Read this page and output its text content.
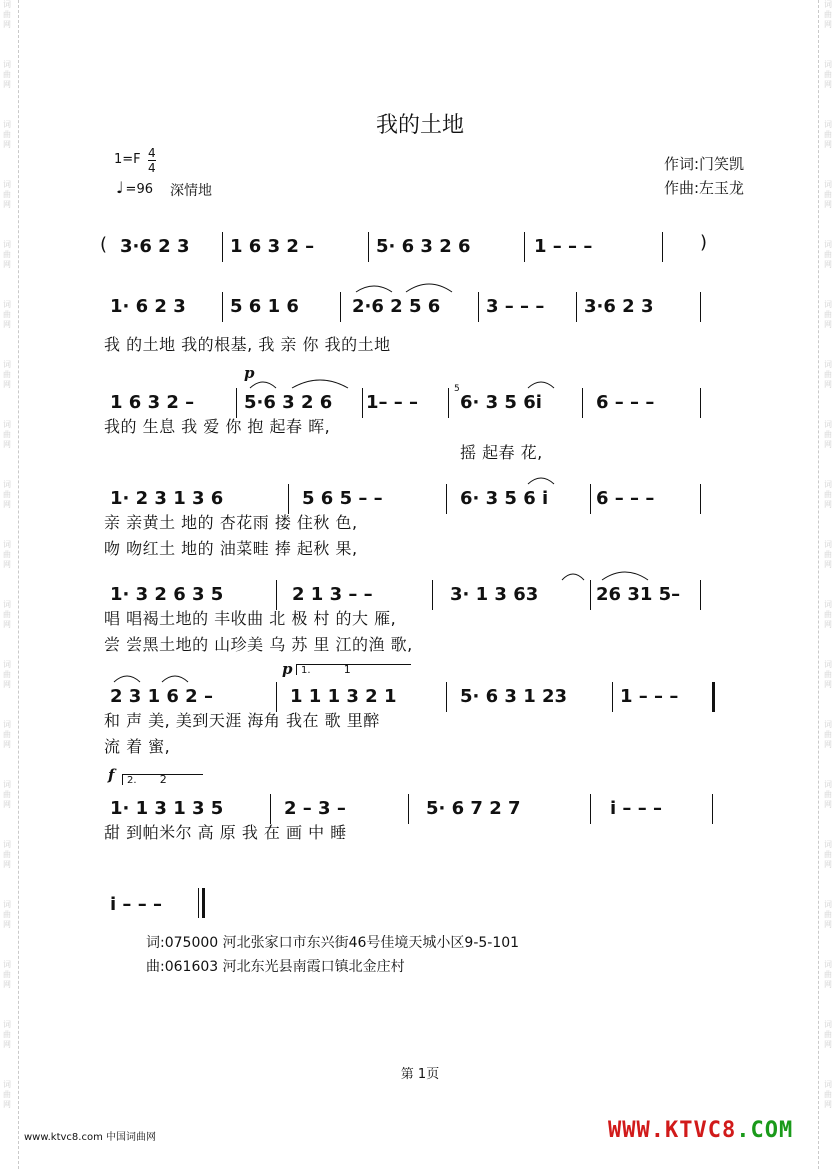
词
曲
网
词
曲
网
词
曲
网
词
曲
网
词
曲
网
词
曲
网
词
曲
网
词
曲
网
词
曲
网
词
曲
网
词
曲
网
词
曲
网
词
曲
网
词
曲
网
词
曲
网
词
曲
网
词
曲
网
词
曲
网
词
曲
网
词
曲
网
词
曲
网
词
曲
网
词
曲
网
词
曲
网
词
曲
网
词
曲
网
词
曲
网
词
曲
网
词
曲
网
词
曲
网
词
曲
网
词
曲
网
词
曲
网
词
曲
网
词
曲
网
词
曲
网
词
曲
网
词
曲
网
我的土地
$1=F \frac{4}{4}$
♩ =96 深情地
作词:门笑凯
作曲:左玉龙
( 3·6 2 3 1 6 3 2 –	5· 6 3 2 6	1 – – –	)
1· 6 2 3 5 6 1 6	2·6 2 5 6	3 – – – 3·6 2 3
我 的土地 我的根基, 我 亲 你 我的土地
1 6 3 2 –
p
5·6 3 2 6 1– – –
5
6· 3 5 6i	6 – – –
我的 生息 我 爱 你 抱 起春 晖,
摇 起春 花,
1· 2 3 1 3 6	5 6 5 – –	6· 3 5 6 i	6 – – –
亲 亲黄土 地的 杏花雨 搂 住秋 色,
吻 吻红土 地的 油菜畦 捧 起秋 果,
1· 3 2 6 3 5	2 1 3 – –	3· 1 3 63	26 31 5–
唱 唱褐土地的 丰收曲 北 极 村 的大 雁,
尝 尝黑土地的 山珍美 乌 苏 里 江的渔 歌,
2 3 1 6 2 –
p 1.	1
1 1 1 3 2 1	5· 6 3 1 23	1 – – –
和 声 美, 美到天涯 海角 我在 歌 里醉
流 着 蜜,
f	2. 2
1· 1 3 1 3 5	2 – 3 –	5· 6 7 2 7	i – – –
甜 到帕米尔 高 原 我 在 画 中 睡
i – – –
词:075000 河北张家口市东兴街46号佳境天城小区9-5-101
曲:061603 河北东光县南霞口镇北金庄村
第 1页
www.ktvc8.com 中国词曲网	WWW.KTVC8.COM
